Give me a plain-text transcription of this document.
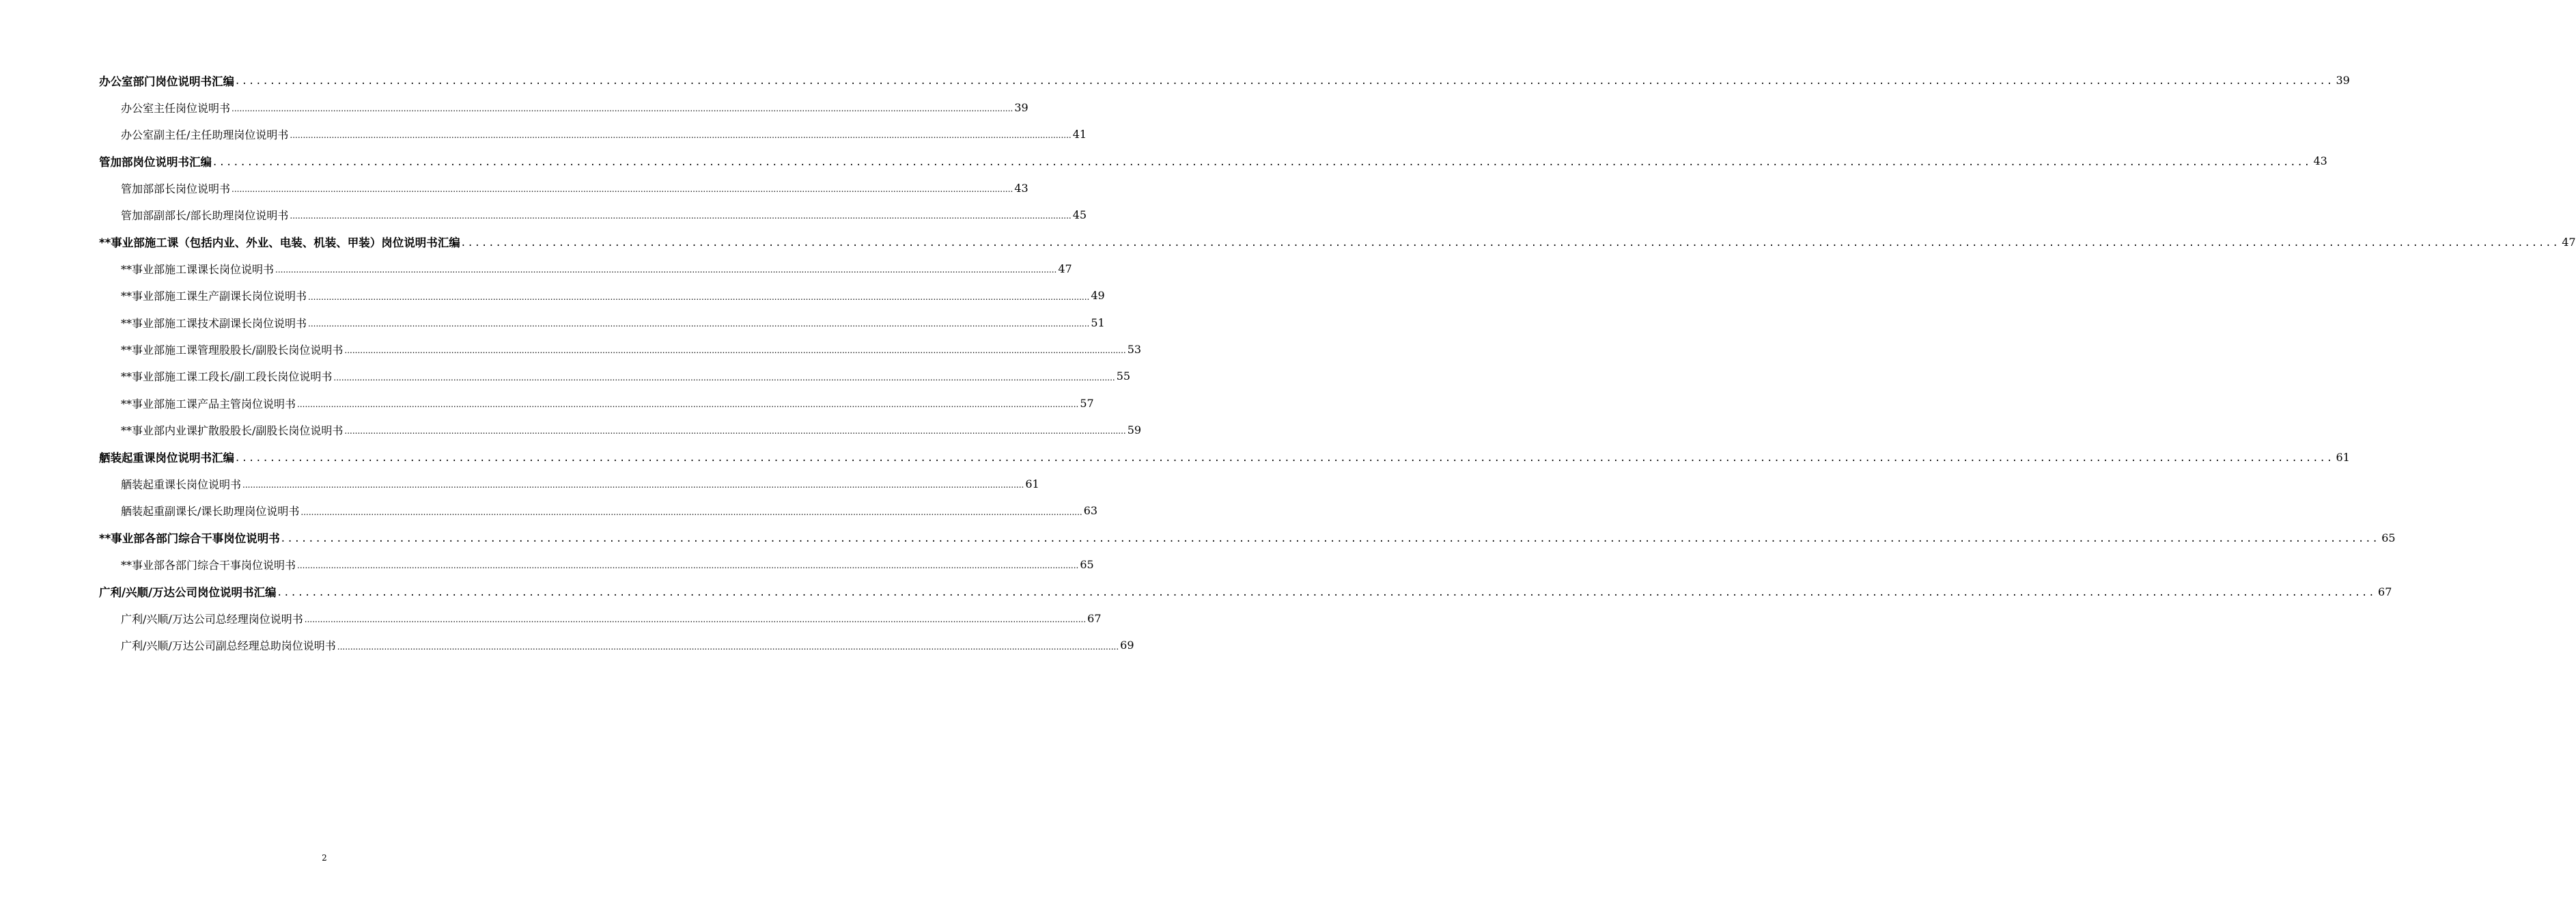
办公室部门岗位说明书汇编 ............................................................................................................................................................................................................................................................................................................ 39
办公室主任岗位说明书 ............................................................................................................................................................................................................................................................................................................ 39
办公室副主任/主任助理岗位说明书 ............................................................................................................................................................................................................................................................................................................ 41
管加部岗位说明书汇编 ............................................................................................................................................................................................................................................................................................................ 43
管加部部长岗位说明书 ............................................................................................................................................................................................................................................................................................................ 43
管加部副部长/部长助理岗位说明书 ............................................................................................................................................................................................................................................................................................................ 45
**事业部施工课（包括内业、外业、电装、机装、甲装）岗位说明书汇编 ............................................................................................................................................................................................................................................................................................................ 47
**事业部施工课课长岗位说明书 ............................................................................................................................................................................................................................................................................................................ 47
**事业部施工课生产副课长岗位说明书 ............................................................................................................................................................................................................................................................................................................ 49
**事业部施工课技术副课长岗位说明书 ............................................................................................................................................................................................................................................................................................................ 51
**事业部施工课管理股股长/副股长岗位说明书 ............................................................................................................................................................................................................................................................................................................ 53
**事业部施工课工段长/副工段长岗位说明书 ............................................................................................................................................................................................................................................................................................................ 55
**事业部施工课产品主管岗位说明书 ............................................................................................................................................................................................................................................................................................................ 57
**事业部内业课扩散股股长/副股长岗位说明书 ............................................................................................................................................................................................................................................................................................................ 59
舾装起重课岗位说明书汇编 ............................................................................................................................................................................................................................................................................................................ 61
舾装起重课长岗位说明书 ............................................................................................................................................................................................................................................................................................................ 61
舾装起重副课长/课长助理岗位说明书 ............................................................................................................................................................................................................................................................................................................ 63
**事业部各部门综合干事岗位说明书 ............................................................................................................................................................................................................................................................................................................ 65
**事业部各部门综合干事岗位说明书 ............................................................................................................................................................................................................................................................................................................ 65
广利/兴顺/万达公司岗位说明书汇编 ............................................................................................................................................................................................................................................................................................................ 67
广利/兴顺/万达公司总经理岗位说明书 ............................................................................................................................................................................................................................................................................................................ 67
广利/兴顺/万达公司副总经理总助岗位说明书 ............................................................................................................................................................................................................................................................................................................ 69
2
